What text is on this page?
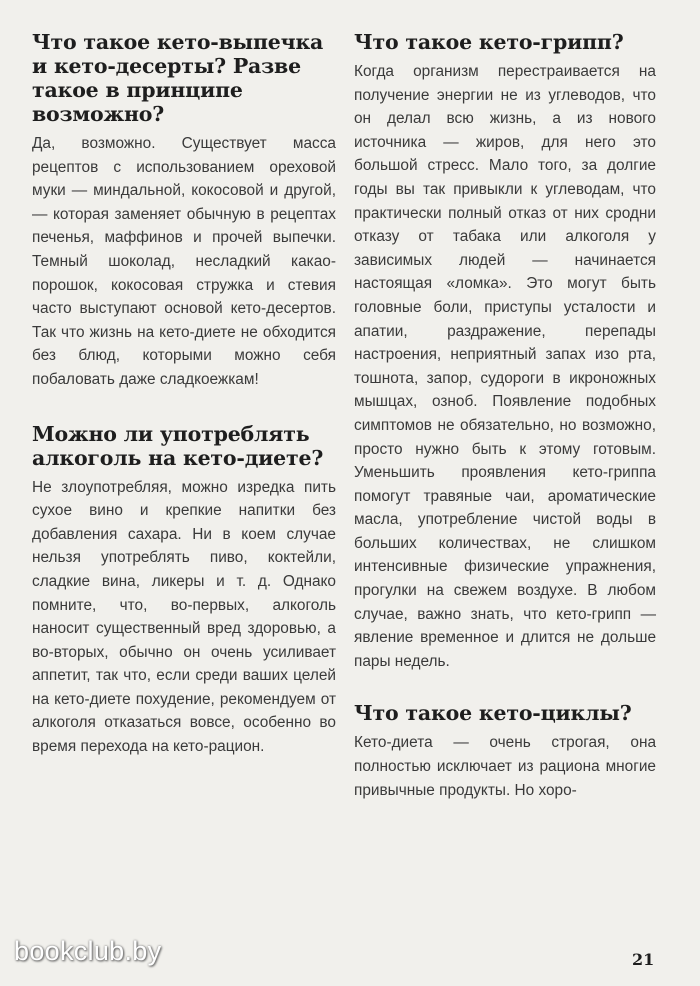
Что такое кето-выпечка и кето-десерты? Разве такое в принципе возможно?

Да, возможно. Существует масса рецептов с использованием ореховой муки — миндальной, кокосовой и другой, — которая заменяет обычную в рецептах печенья, маффинов и прочей выпечки. Темный шоколад, несладкий какао-порошок, кокосовая стружка и стевия часто выступают основой кето-десертов. Так что жизнь на кето-диете не обходится без блюд, которыми можно себя побаловать даже сладкоежкам!

Можно ли употреблять алкоголь на кето-диете?

Не злоупотребляя, можно изредка пить сухое вино и крепкие напитки без добавления сахара. Ни в коем случае нельзя употреблять пиво, коктейли, сладкие вина, ликеры и т. д. Однако помните, что, во-первых, алкоголь наносит существенный вред здоровью, а во-вторых, обычно он очень усиливает аппетит, так что, если среди ваших целей на кето-диете похудение, рекомендуем от алкоголя отказаться вовсе, особенно во время перехода на кето-рацион.

Что такое кето-грипп?

Когда организм перестраивается на получение энергии не из углеводов, что он делал всю жизнь, а из нового источника — жиров, для него это большой стресс. Мало того, за долгие годы вы так привыкли к углеводам, что практически полный отказ от них сродни отказу от табака или алкоголя у зависимых людей — начинается настоящая «ломка». Это могут быть головные боли, приступы усталости и апатии, раздражение, перепады настроения, неприятный запах изо рта, тошнота, запор, судороги в икроножных мышцах, озноб. Появление подобных симптомов не обязательно, но возможно, просто нужно быть к этому готовым. Уменьшить проявления кето-гриппа помогут травяные чаи, ароматические масла, употребление чистой воды в больших количествах, не слишком интенсивные физические упражнения, прогулки на свежем воздухе. В любом случае, важно знать, что кето-грипп — явление временное и длится не дольше пары недель.

Что такое кето-циклы?

Кето-диета — очень строгая, она полностью исключает из рациона многие привычные продукты. Но хоро-

bookclub.by	21
